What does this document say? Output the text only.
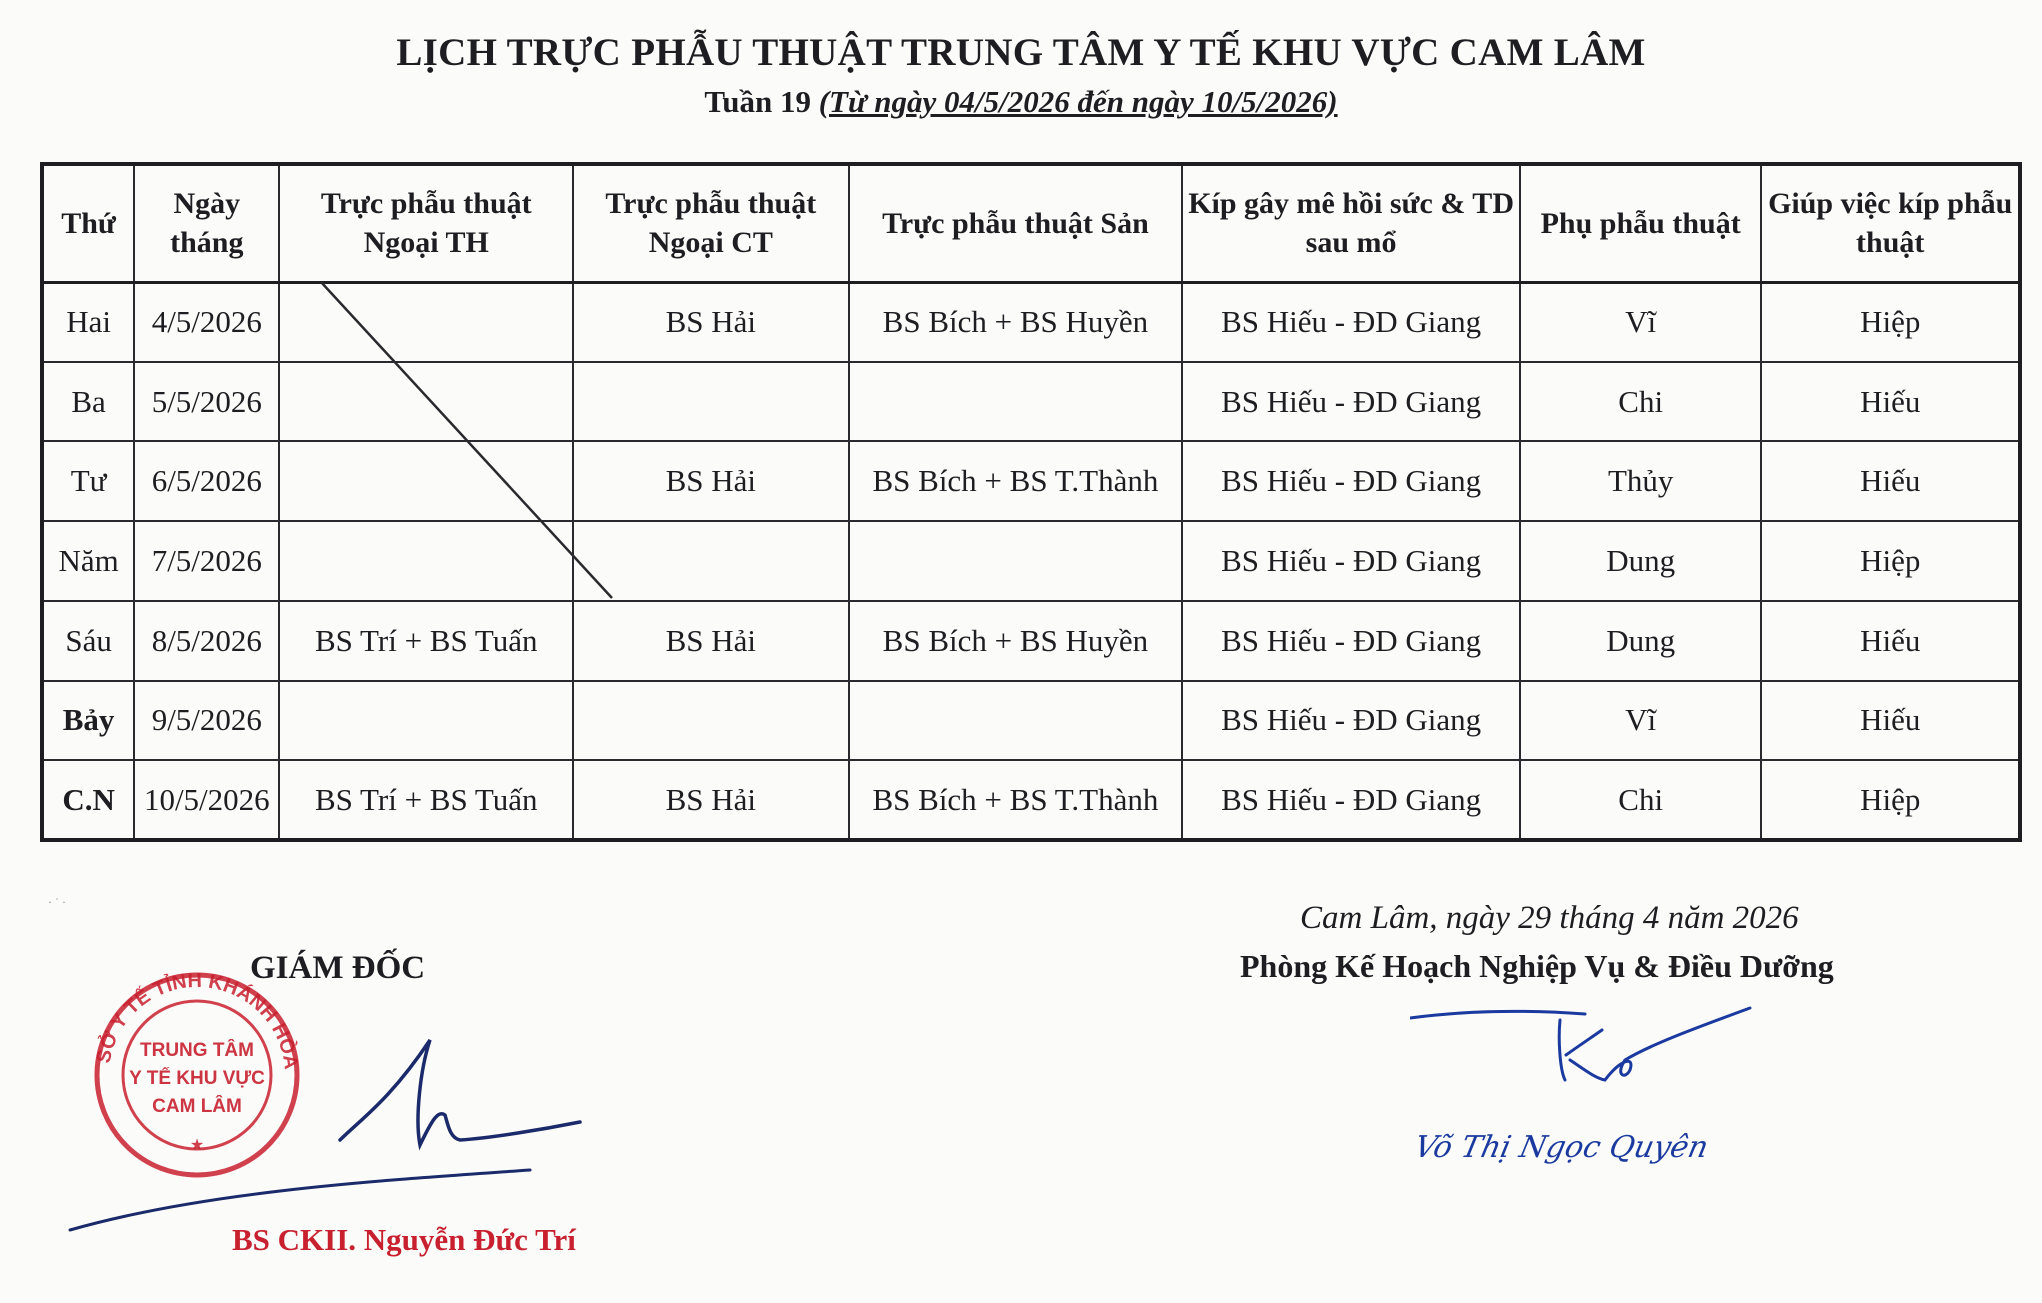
LỊCH TRỰC PHẪU THUẬT TRUNG TÂM Y TẾ KHU VỰC CAM LÂM
Tuần 19 (Từ ngày 04/5/2026 đến ngày 10/5/2026)
Thứ	Ngày tháng	Trực phẫu thuật Ngoại TH	Trực phẫu thuật Ngoại CT	Trực phẫu thuật Sản	Kíp gây mê hồi sức & TD sau mổ	Phụ phẫu thuật	Giúp việc kíp phẫu thuật
Hai	4/5/2026		BS Hải	BS Bích + BS Huyền	BS Hiếu - ĐD Giang	Vĩ	Hiệp
Ba	5/5/2026				BS Hiếu - ĐD Giang	Chi	Hiếu
Tư	6/5/2026		BS Hải	BS Bích + BS T.Thành	BS Hiếu - ĐD Giang	Thủy	Hiếu
Năm	7/5/2026				BS Hiếu - ĐD Giang	Dung	Hiệp
Sáu	8/5/2026	BS Trí + BS Tuấn	BS Hải	BS Bích + BS Huyền	BS Hiếu - ĐD Giang	Dung	Hiếu
Bảy	9/5/2026				BS Hiếu - ĐD Giang	Vĩ	Hiếu
C.N	10/5/2026	BS Trí + BS Tuấn	BS Hải	BS Bích + BS T.Thành	BS Hiếu - ĐD Giang	Chi	Hiệp
GIÁM ĐỐC
SỞ Y TẾ TỈNH KHÁNH HÒA
TRUNG TÂM
Y TẾ KHU VỰC
CAM LÂM
★
BS CKII. Nguyễn Đức Trí
Cam Lâm, ngày 29 tháng 4 năm 2026
Phòng Kế Hoạch Nghiệp Vụ & Điều Dưỡng
Võ Thị Ngọc Quyên
· ˙ ·
